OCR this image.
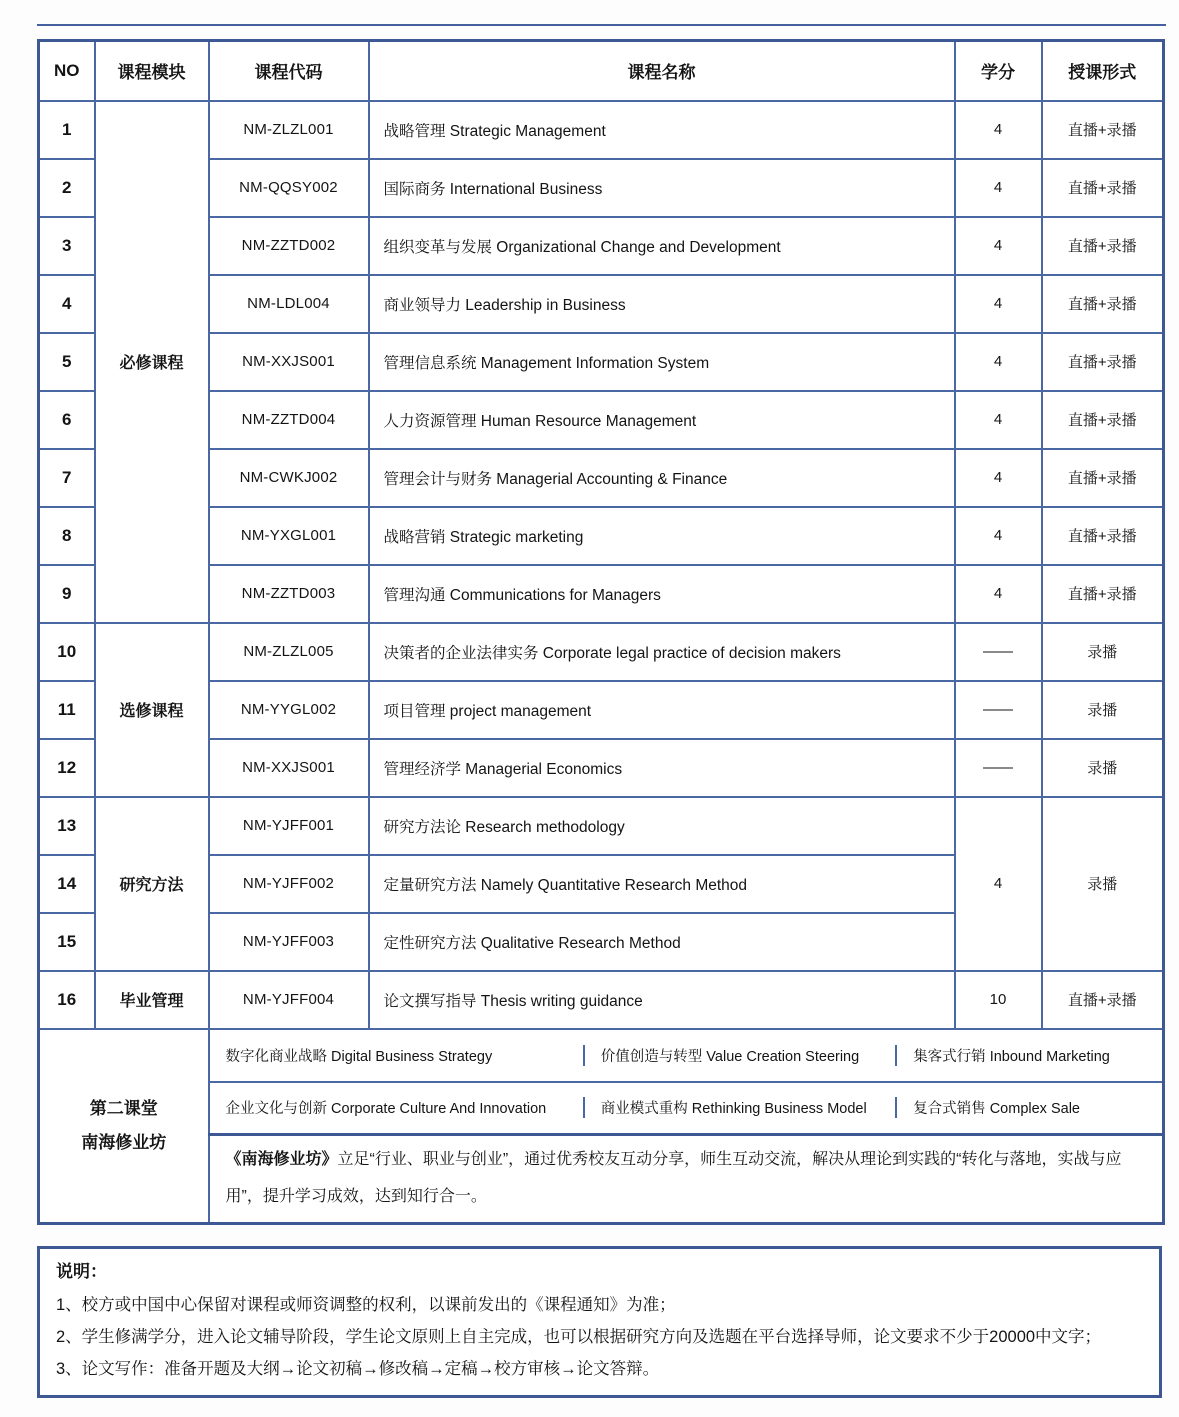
NO	课程模块	课程代码	课程名称	学分	授课形式
1	必修课程	NM-ZLZL001	战略管理 Strategic Management	4	直播+录播
2		NM-QQSY002	国际商务 International Business	4	直播+录播
3		NM-ZZTD002	组织变革与发展 Organizational Change and Development	4	直播+录播
4		NM-LDL004	商业领导力 Leadership in Business	4	直播+录播
5		NM-XXJS001	管理信息系统 Management Information System	4	直播+录播
6		NM-ZZTD004	人力资源管理 Human Resource Management	4	直播+录播
7		NM-CWKJ002	管理会计与财务 Managerial Accounting & Finance	4	直播+录播
8		NM-YXGL001	战略营销 Strategic marketing	4	直播+录播
9		NM-ZZTD003	管理沟通 Communications for Managers	4	直播+录播
10	选修课程	NM-ZLZL005	决策者的企业法律实务 Corporate legal practice of decision makers	——	录播
11		NM-YYGL002	项目管理 project management	——	录播
12		NM-XXJS001	管理经济学 Managerial Economics	——	录播
13	研究方法	NM-YJFF001	研究方法论 Research methodology	4	录播
14		NM-YJFF002	定量研究方法 Namely Quantitative Research Method		
15		NM-YJFF003	定性研究方法 Qualitative Research Method		
16	毕业管理	NM-YJFF004	论文撰写指导 Thesis writing guidance	10	直播+录播

第二课堂
南海修业坊

数字化商业战略 Digital Business Strategy	价值创造与转型 Value Creation Steering	集客式行销 Inbound Marketing

企业文化与创新 Corporate Culture And Innovation 商业模式重构 Rethinking Business Model 复合式销售 Complex Sale			

		《南海修业坊》立足“行业、职业与创业”，通过优秀校友互动分享，师生互动交流，解决从理论到实践的“转化与落地，实战与应用”，提升学习成效，达到知行合一。			
说明：
1、校方或中国中心保留对课程或师资调整的权利，以课前发出的《课程通知》为准；
2、学生修满学分，进入论文辅导阶段，学生论文原则上自主完成，也可以根据研究方向及选题在平台选择导师，论文要求不少于20000中文字；
3、论文写作：准备开题及大纲→论文初稿→修改稿→定稿→校方审核→论文答辩。
